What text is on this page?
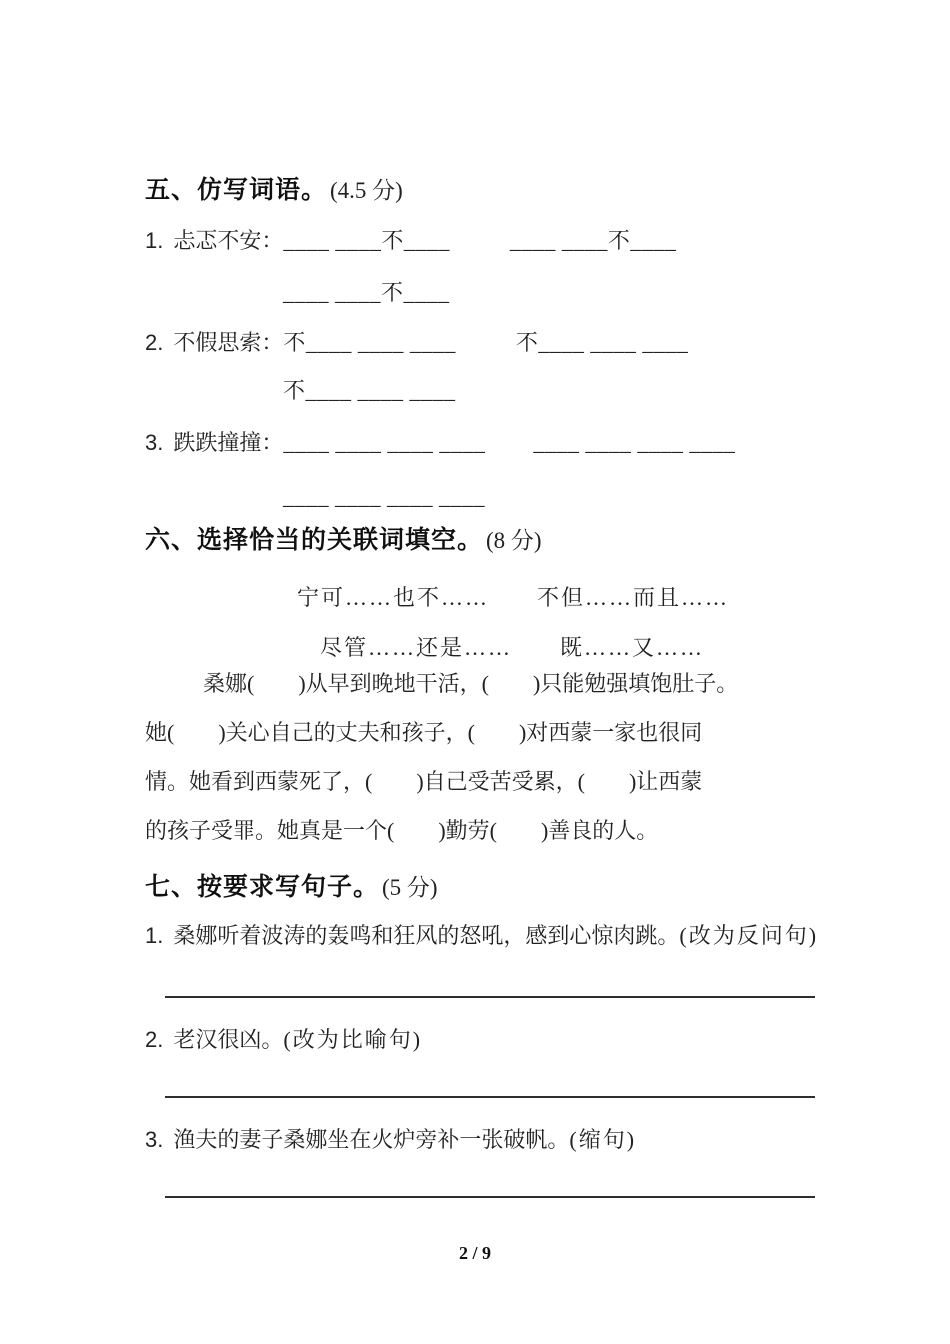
五、仿写词语。 (4.5 分)
1. 忐忑不安：____ ____不____	____ ____不____
____ ____不____
2. 不假思索：不____ ____ ____	不____ ____ ____
不____ ____ ____
3. 跌跌撞撞：____ ____ ____ ____ ____ ____ ____ ____
____ ____ ____ ____
六、选择恰当的关联词填空。 (8 分)
宁可……也不…… 不但……而且……
尽管……还是…… 既……又……
桑娜(        )从早到晚地干活，(        )只能勉强填饱肚子。
她(        )关心自己的丈夫和孩子，(        )对西蒙一家也很同
情。她看到西蒙死了，(        )自己受苦受累，(        )让西蒙
的孩子受罪。她真是一个(        )勤劳(        )善良的人。
七、按要求写句子。 (5 分)
1. 桑娜听着波涛的轰鸣和狂风的怒吼，感到心惊肉跳。(改为反问句)
2. 老汉很凶。(改为比喻句)
3. 渔夫的妻子桑娜坐在火炉旁补一张破帆。(缩句)
2 / 9
